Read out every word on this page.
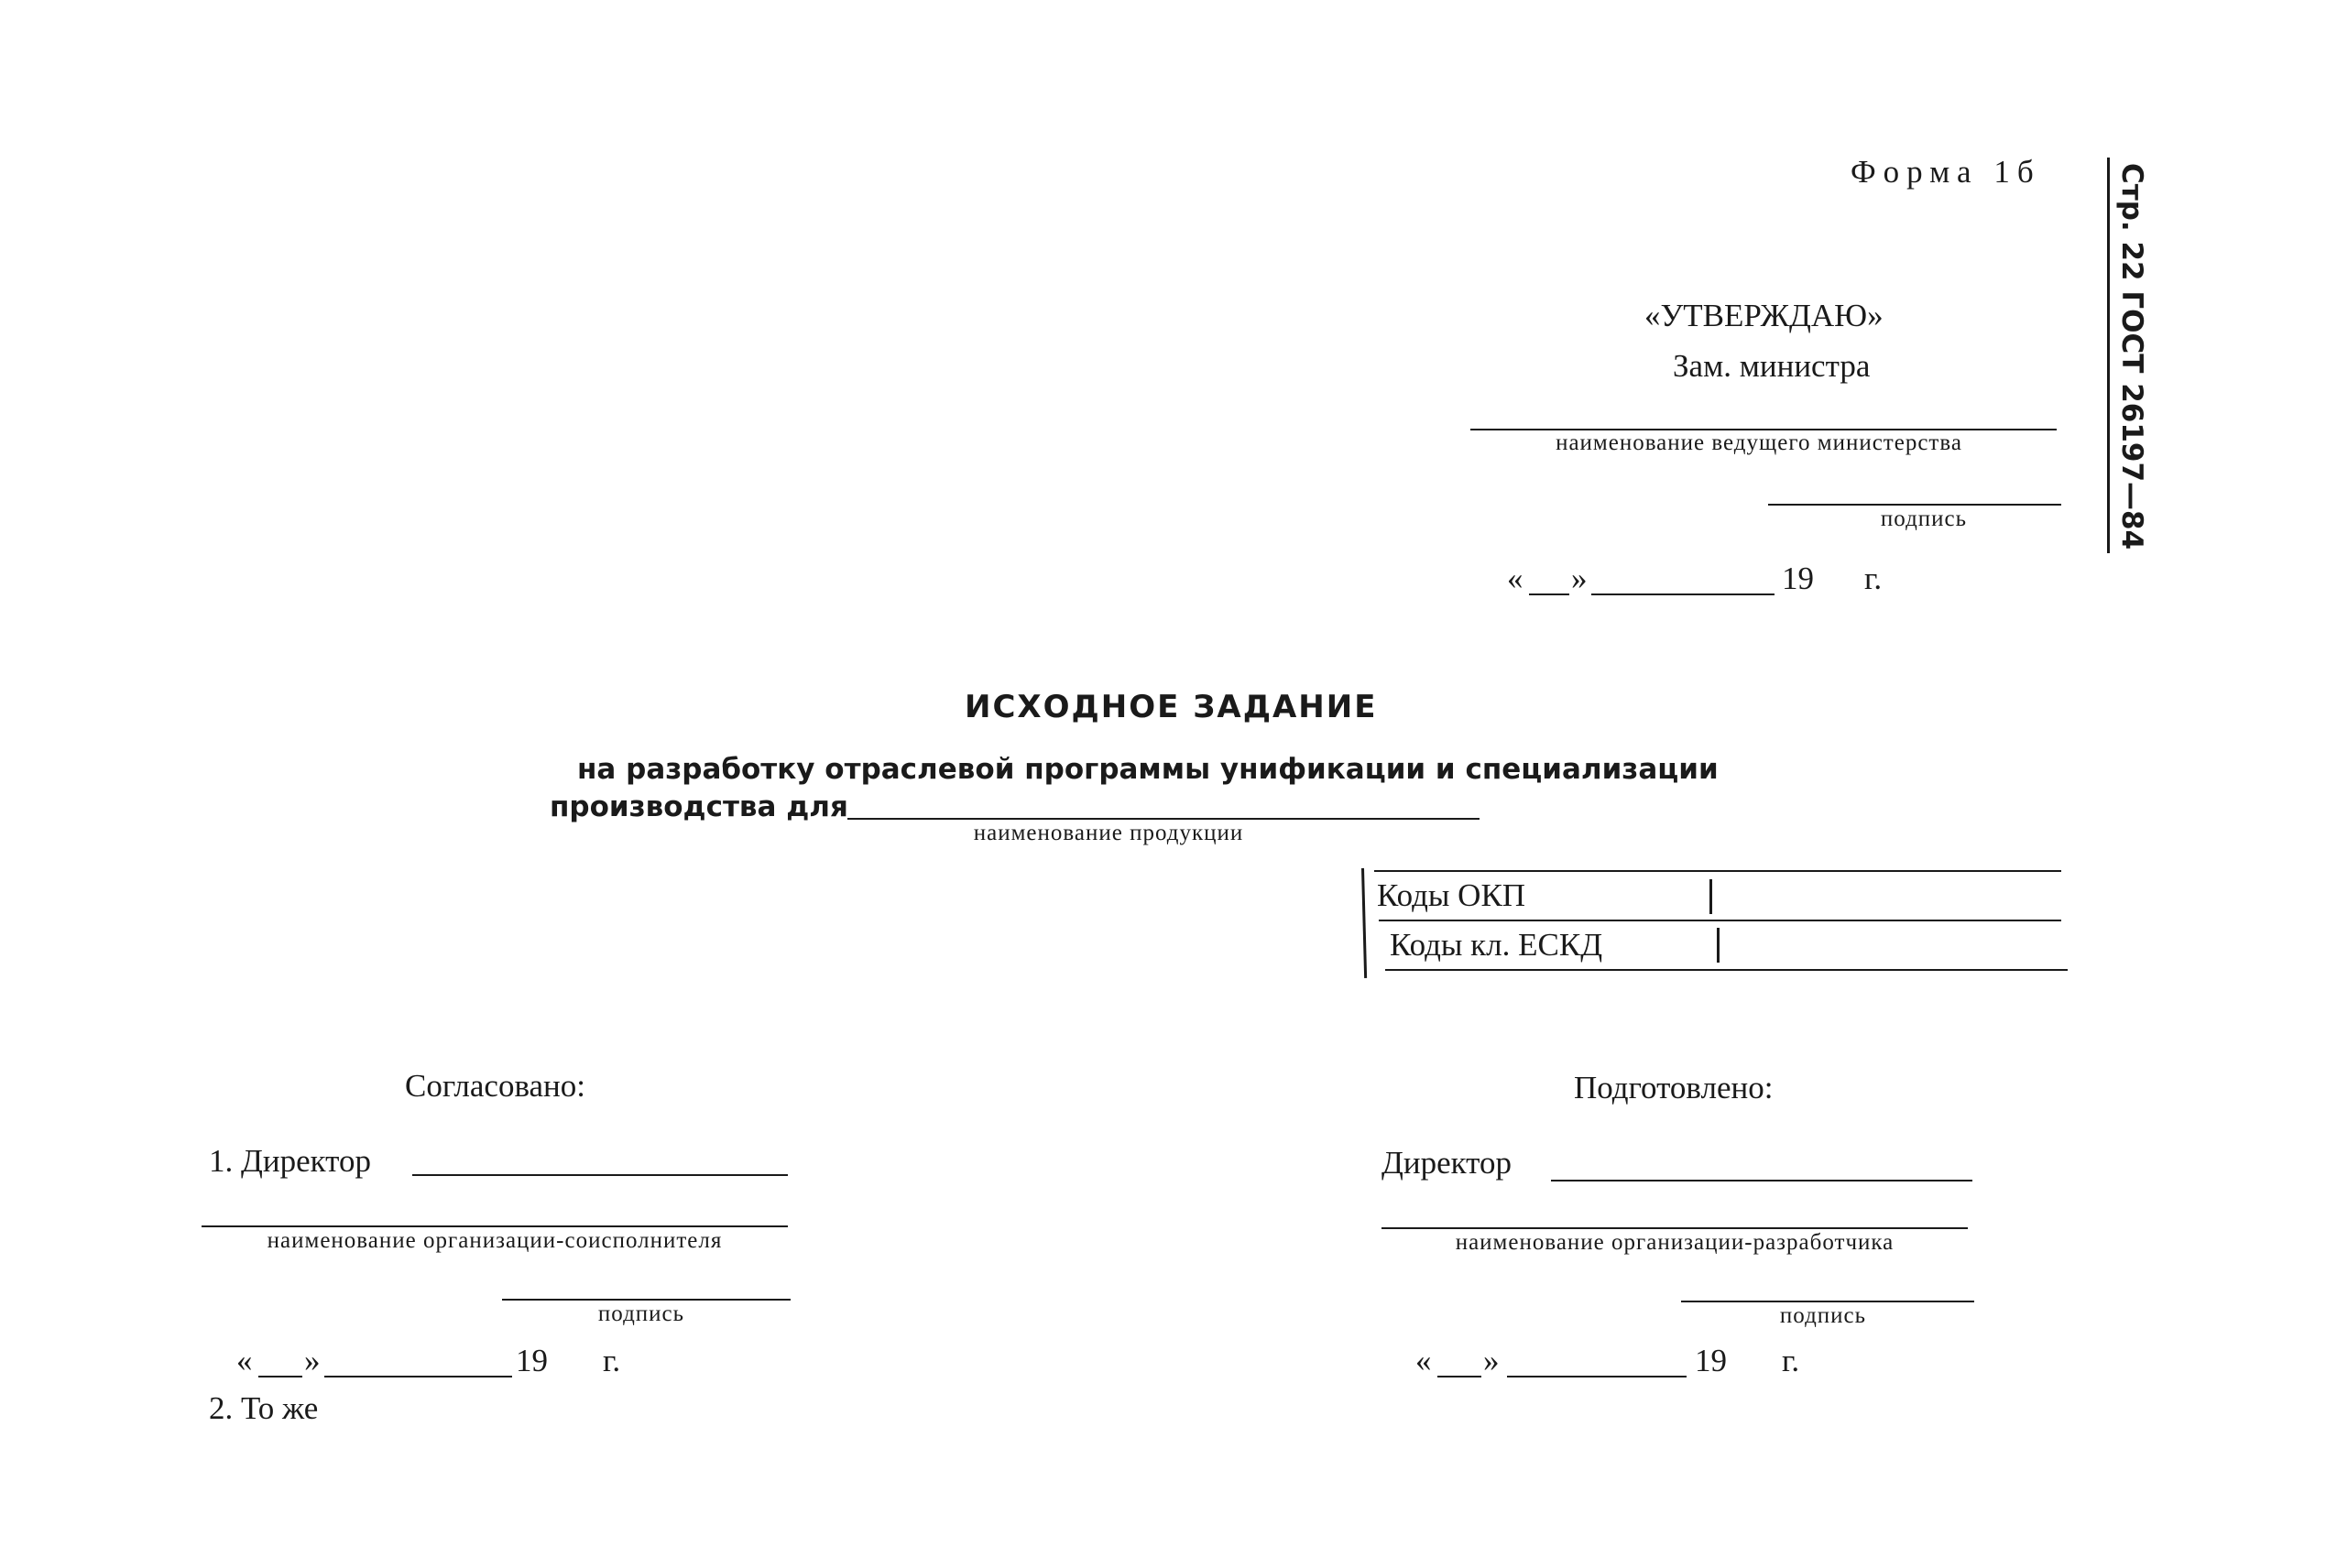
Форма 1б	Стр. 22 ГОСТ 26197—84
«УТВЕРЖДАЮ»
Зам. министра
наименование ведущего министерства
подпись
« »	19 г.
ИСХОДНОЕ ЗАДАНИЕ
на разработку отраслевой программы унификации и специализации
производства для
наименование продукции
Коды ОКП
Коды кл. ЕСКД
Согласовано:
1. Директор
наименование организации-соисполнителя
подпись
« »	19 г.
2. То же
Подготовлено:
Директор
наименование организации-разработчика
подпись
« »	19 г.
